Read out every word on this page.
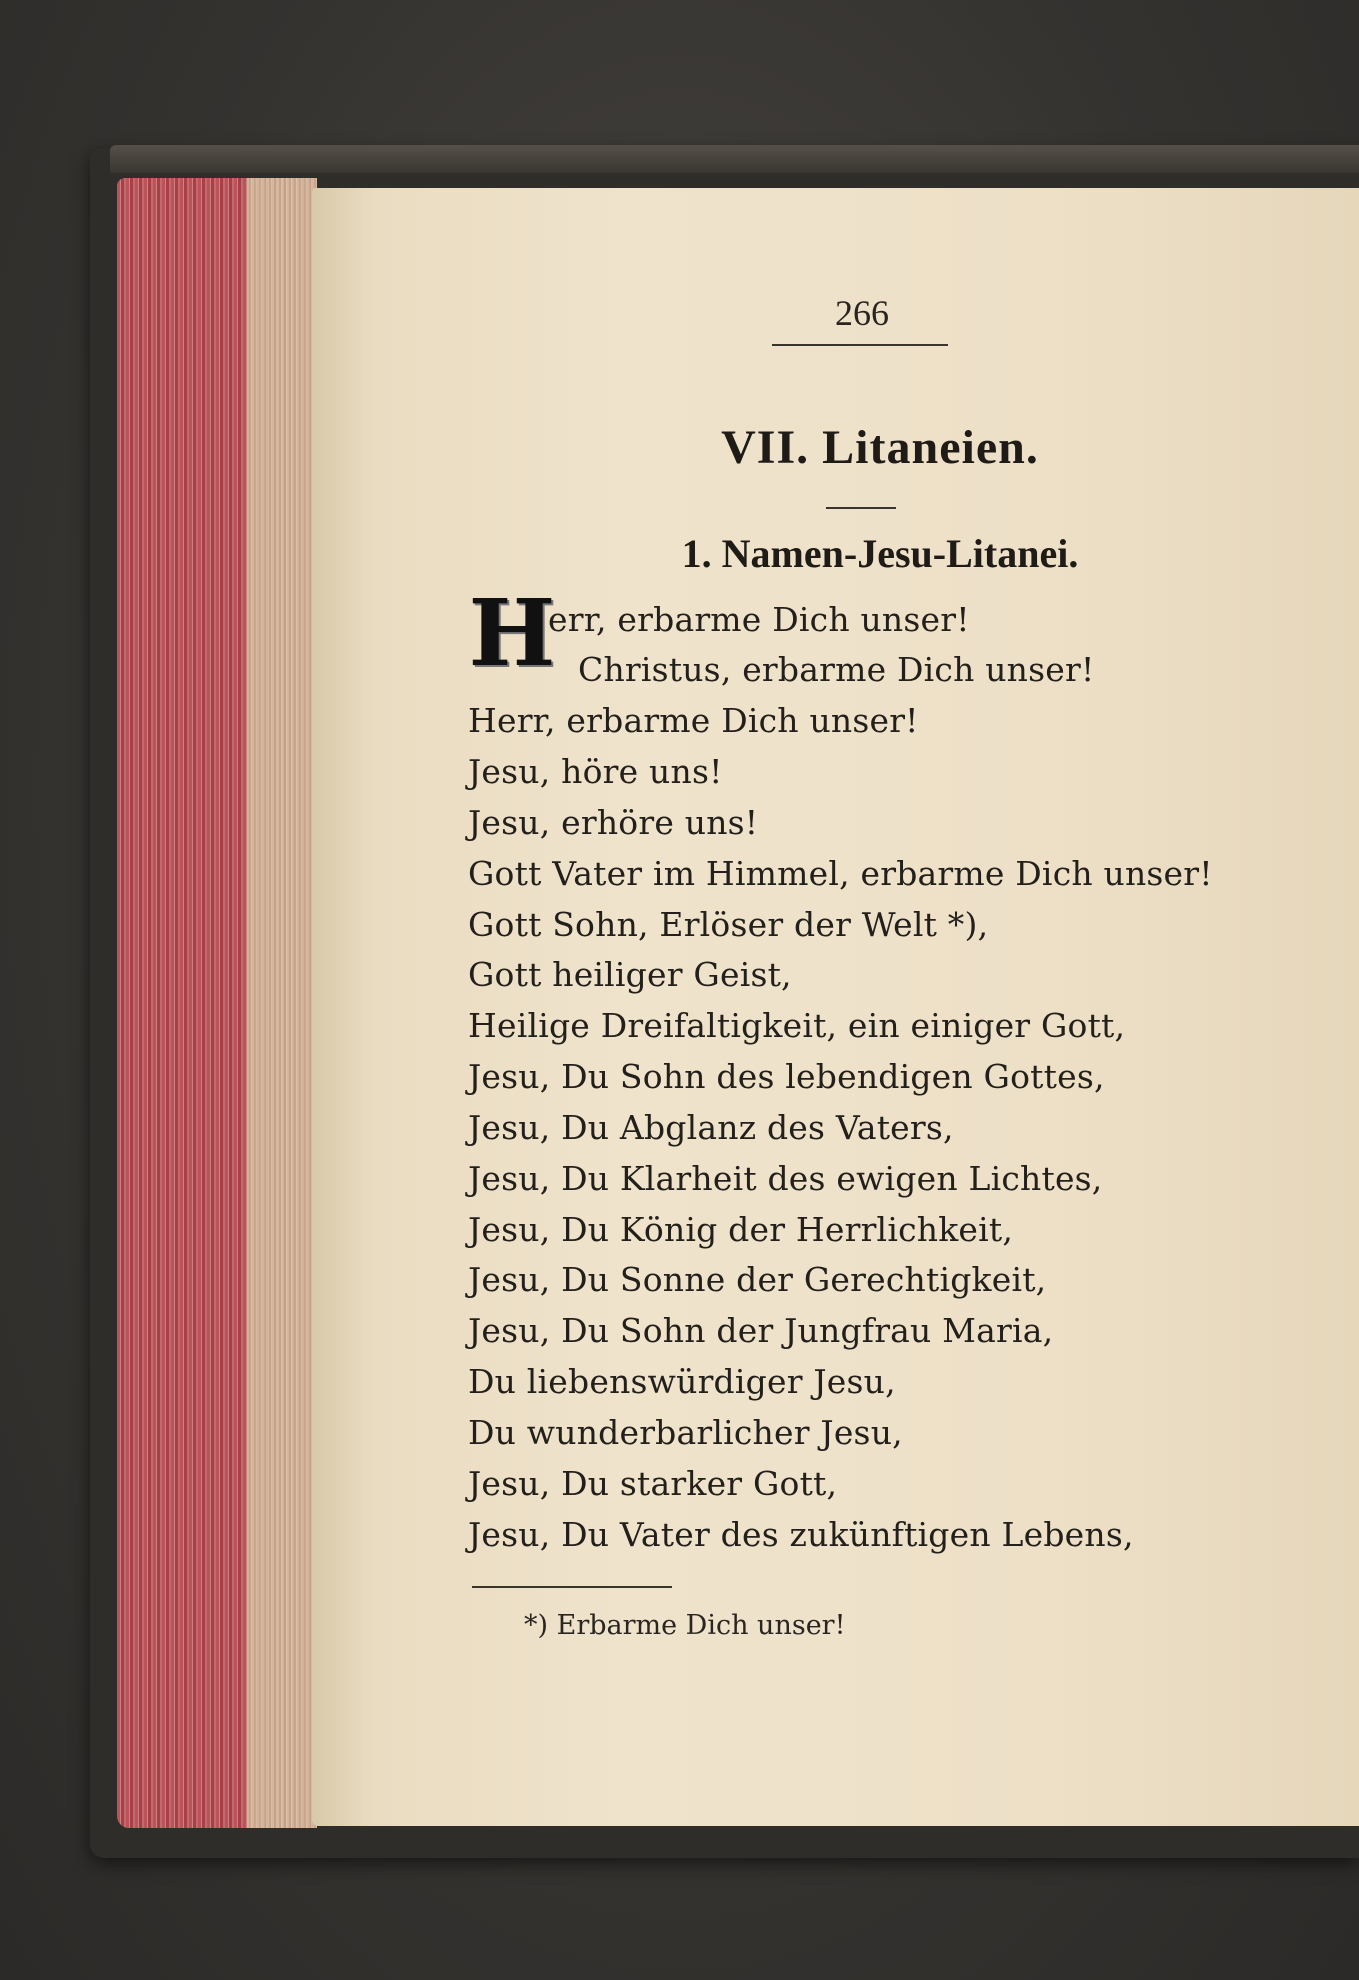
266
VII. Litaneien.
1. Namen-Jesu-Litanei.
H
err, erbarme Dich unser!
Christus, erbarme Dich unser!
Herr, erbarme Dich unser!
Jesu, höre uns!
Jesu, erhöre uns!
Gott Vater im Himmel, erbarme Dich unser!
Gott Sohn, Erlöser der Welt *),
Gott heiliger Geist,
Heilige Dreifaltigkeit, ein einiger Gott,
Jesu, Du Sohn des lebendigen Gottes,
Jesu, Du Abglanz des Vaters,
Jesu, Du Klarheit des ewigen Lichtes,
Jesu, Du König der Herrlichkeit,
Jesu, Du Sonne der Gerechtigkeit,
Jesu, Du Sohn der Jungfrau Maria,
Du liebenswürdiger Jesu,
Du wunderbarlicher Jesu,
Jesu, Du starker Gott,
Jesu, Du Vater des zukünftigen Lebens,
*) Erbarme Dich unser!
